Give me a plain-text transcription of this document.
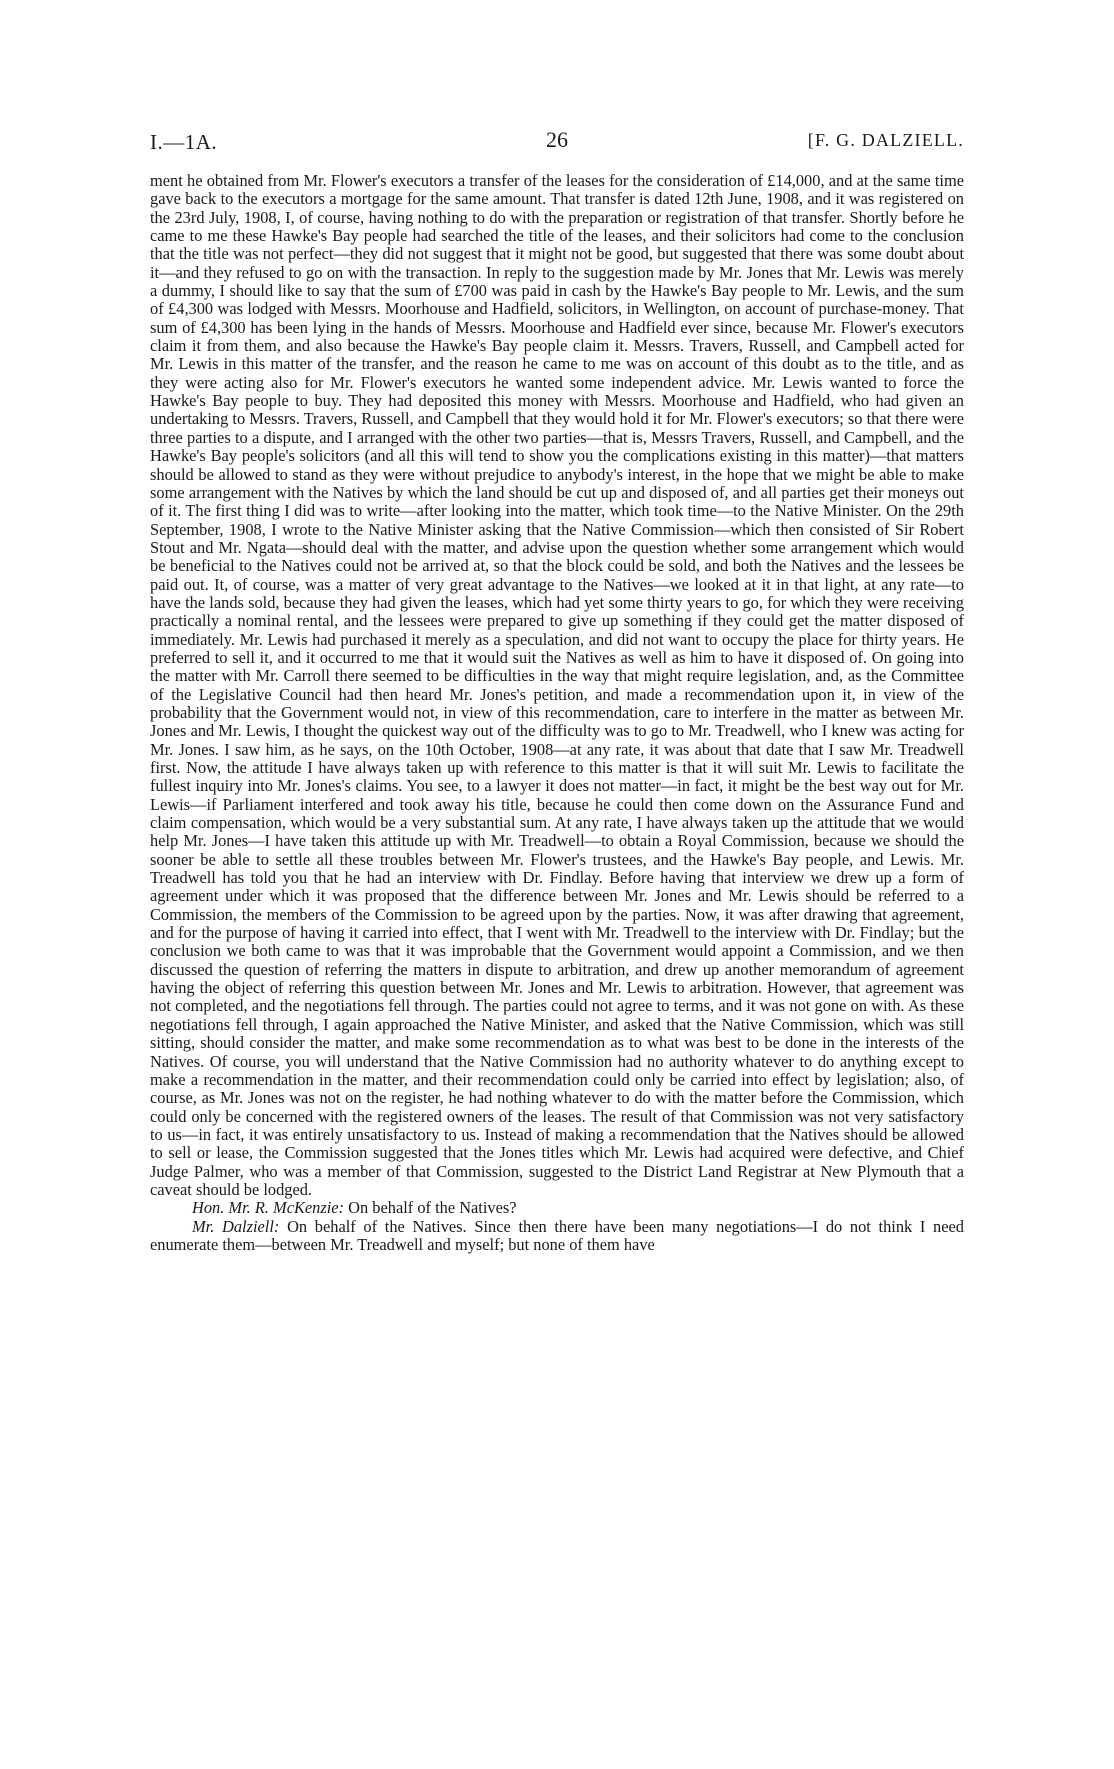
I.—1A.	26	[F. G. DALZIELL.

ment he obtained from Mr. Flower's executors a transfer of the leases for the consideration of £14,000, and at the same time gave back to the executors a mortgage for the same amount. That transfer is dated 12th June, 1908, and it was registered on the 23rd July, 1908, I, of course, having nothing to do with the preparation or registration of that transfer. Shortly before he came to me these Hawke's Bay people had searched the title of the leases, and their solicitors had come to the conclusion that the title was not perfect—they did not suggest that it might not be good, but suggested that there was some doubt about it—and they refused to go on with the transaction. In reply to the suggestion made by Mr. Jones that Mr. Lewis was merely a dummy, I should like to say that the sum of £700 was paid in cash by the Hawke's Bay people to Mr. Lewis, and the sum of £4,300 was lodged with Messrs. Moorhouse and Hadfield, solicitors, in Wellington, on account of purchase-money. That sum of £4,300 has been lying in the hands of Messrs. Moorhouse and Hadfield ever since, because Mr. Flower's executors claim it from them, and also because the Hawke's Bay people claim it. Messrs. Travers, Russell, and Campbell acted for Mr. Lewis in this matter of the transfer, and the reason he came to me was on account of this doubt as to the title, and as they were acting also for Mr. Flower's executors he wanted some independent advice. Mr. Lewis wanted to force the Hawke's Bay people to buy. They had deposited this money with Messrs. Moorhouse and Hadfield, who had given an undertaking to Messrs. Travers, Russell, and Campbell that they would hold it for Mr. Flower's executors; so that there were three parties to a dispute, and I arranged with the other two parties—that is, Messrs Travers, Russell, and Campbell, and the Hawke's Bay people's solicitors (and all this will tend to show you the complications existing in this matter)—that matters should be allowed to stand as they were without prejudice to anybody's interest, in the hope that we might be able to make some arrangement with the Natives by which the land should be cut up and disposed of, and all parties get their moneys out of it. The first thing I did was to write—after looking into the matter, which took time—to the Native Minister. On the 29th September, 1908, I wrote to the Native Minister asking that the Native Commission—which then consisted of Sir Robert Stout and Mr. Ngata—should deal with the matter, and advise upon the question whether some arrangement which would be beneficial to the Natives could not be arrived at, so that the block could be sold, and both the Natives and the lessees be paid out. It, of course, was a matter of very great advantage to the Natives—we looked at it in that light, at any rate—to have the lands sold, because they had given the leases, which had yet some thirty years to go, for which they were receiving practically a nominal rental, and the lessees were prepared to give up something if they could get the matter disposed of immediately. Mr. Lewis had purchased it merely as a speculation, and did not want to occupy the place for thirty years. He preferred to sell it, and it occurred to me that it would suit the Natives as well as him to have it disposed of. On going into the matter with Mr. Carroll there seemed to be difficulties in the way that might require legislation, and, as the Committee of the Legislative Council had then heard Mr. Jones's petition, and made a recommendation upon it, in view of the probability that the Government would not, in view of this recommendation, care to interfere in the matter as between Mr. Jones and Mr. Lewis, I thought the quickest way out of the difficulty was to go to Mr. Treadwell, who I knew was acting for Mr. Jones. I saw him, as he says, on the 10th October, 1908—at any rate, it was about that date that I saw Mr. Treadwell first. Now, the attitude I have always taken up with reference to this matter is that it will suit Mr. Lewis to facilitate the fullest inquiry into Mr. Jones's claims. You see, to a lawyer it does not matter—in fact, it might be the best way out for Mr. Lewis—if Parliament interfered and took away his title, because he could then come down on the Assurance Fund and claim compensation, which would be a very substantial sum. At any rate, I have always taken up the attitude that we would help Mr. Jones—I have taken this attitude up with Mr. Treadwell—to obtain a Royal Commission, because we should the sooner be able to settle all these troubles between Mr. Flower's trustees, and the Hawke's Bay people, and Lewis. Mr. Treadwell has told you that he had an interview with Dr. Findlay. Before having that interview we drew up a form of agreement under which it was proposed that the difference between Mr. Jones and Mr. Lewis should be referred to a Commission, the members of the Commission to be agreed upon by the parties. Now, it was after drawing that agreement, and for the purpose of having it carried into effect, that I went with Mr. Treadwell to the interview with Dr. Findlay; but the conclusion we both came to was that it was improbable that the Government would appoint a Commission, and we then discussed the question of referring the matters in dispute to arbitration, and drew up another memorandum of agreement having the object of referring this question between Mr. Jones and Mr. Lewis to arbitration. However, that agreement was not completed, and the negotiations fell through. The parties could not agree to terms, and it was not gone on with. As these negotiations fell through, I again approached the Native Minister, and asked that the Native Commission, which was still sitting, should consider the matter, and make some recommendation as to what was best to be done in the interests of the Natives. Of course, you will understand that the Native Commission had no authority whatever to do anything except to make a recommendation in the matter, and their recommendation could only be carried into effect by legislation; also, of course, as Mr. Jones was not on the register, he had nothing whatever to do with the matter before the Commission, which could only be concerned with the registered owners of the leases. The result of that Commission was not very satisfactory to us—in fact, it was entirely unsatisfactory to us. Instead of making a recommendation that the Natives should be allowed to sell or lease, the Commission suggested that the Jones titles which Mr. Lewis had acquired were defective, and Chief Judge Palmer, who was a member of that Commission, suggested to the District Land Registrar at New Plymouth that a caveat should be lodged.

Hon. Mr. R. McKenzie: On behalf of the Natives?

Mr. Dalziell: On behalf of the Natives. Since then there have been many negotiations—I do not think I need enumerate them—between Mr. Treadwell and myself; but none of them have
